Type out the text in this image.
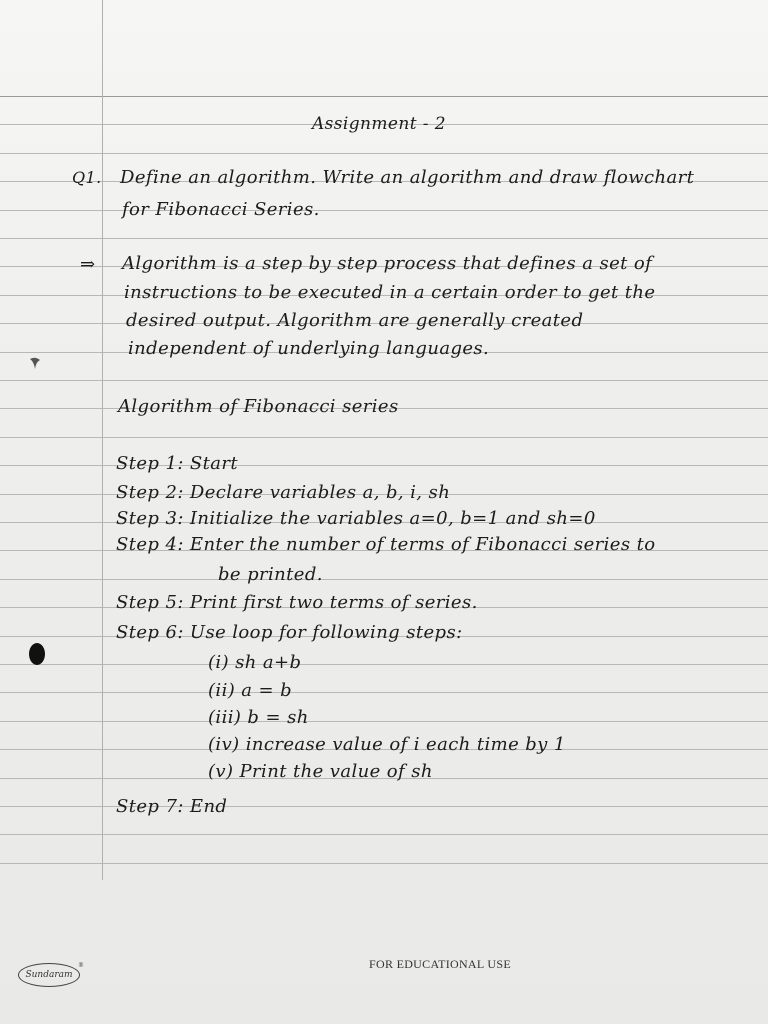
Assignment - 2
Q1. Define an algorithm. Write an algorithm and draw flowchart
for Fibonacci Series.
⇒ Algorithm is a step by step process that defines a set of
instructions to be executed in a certain order to get the
desired output. Algorithm are generally created
independent of underlying languages.
Algorithm of Fibonacci series
Step 1: Start
Step 2: Declare variables a, b, i, sh
Step 3: Initialize the variables a=0, b=1 and sh=0
Step 4: Enter the number of terms of Fibonacci series to
be printed.
Step 5: Print first two terms of series.
Step 6: Use loop for following steps:
(i) sh a+b
(ii) a = b
(iii) b = sh
(iv) increase value of i each time by 1
(v) Print the value of sh
Step 7: End
Sundaram
®	FOR EDUCATIONAL USE
